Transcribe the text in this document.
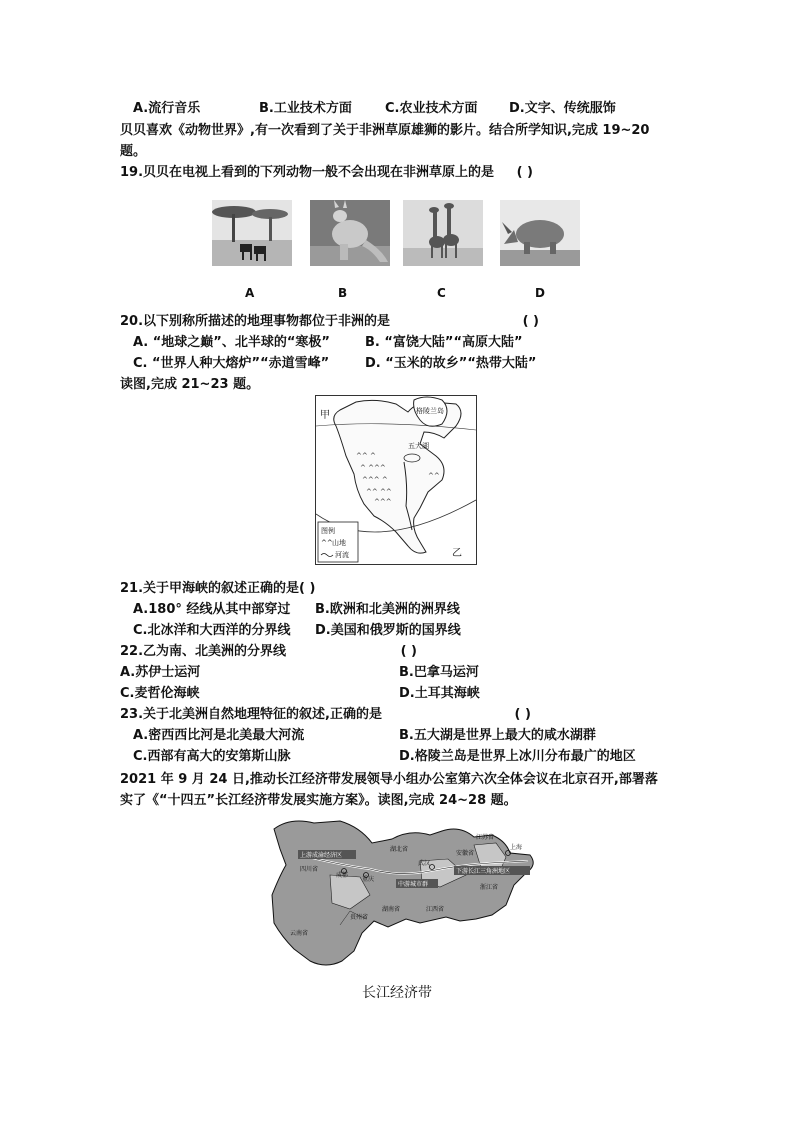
A.流行音乐	B.工业技术方面	C.农业技术方面 D.文字、传统服饰
贝贝喜欢《动物世界》,有一次看到了关于非洲草原雄狮的影片。结合所学知识,完成 19~20
题。
19.贝贝在电视上看到的下列动物一般不会出现在非洲草原上的是 ( )
A	B	C	D
20.以下别称所描述的地理事物都位于非洲的是	( )
A. “地球之巅”、北半球的“寒极”	B. “富饶大陆”“高原大陆”
C. “世界人种大熔炉”“赤道雪峰”	D. “玉米的故乡”“热带大陆”
读图,完成 21~23 题。
^^ ^
^ ^^^
^^^ ^
^^ ^^
^^^
^^
图例
^^ 山地
河流
甲	格陵兰岛
五大湖
乙
21.关于甲海峡的叙述正确的是( )
A.180° 经线从其中部穿过 B.欧洲和北美洲的洲界线
C.北冰洋和大西洋的分界线 D.美国和俄罗斯的国界线
22.乙为南、北美洲的分界线	( )
A.苏伊士运河	B.巴拿马运河
C.麦哲伦海峡	D.土耳其海峡
23.关于北美洲自然地理特征的叙述,正确的是	( )
A.密西西比河是北美最大河流	B.五大湖是世界上最大的咸水湖群
C.西部有高大的安第斯山脉	D.格陵兰岛是世界上冰川分布最广的地区
2021 年 9 月 24 日,推动长江经济带发展领导小组办公室第六次全体会议在北京召开,部署落
实了《“十四五”长江经济带发展实施方案》。读图,完成 24~28 题。
上游成渝经济区
四川省
成都
重庆
湖北省
武汉
中游城市群
湖南省	江西省
安徽省
江苏省
上海
下游长江三角洲地区
浙江省
贵州省
云南省
长江经济带
